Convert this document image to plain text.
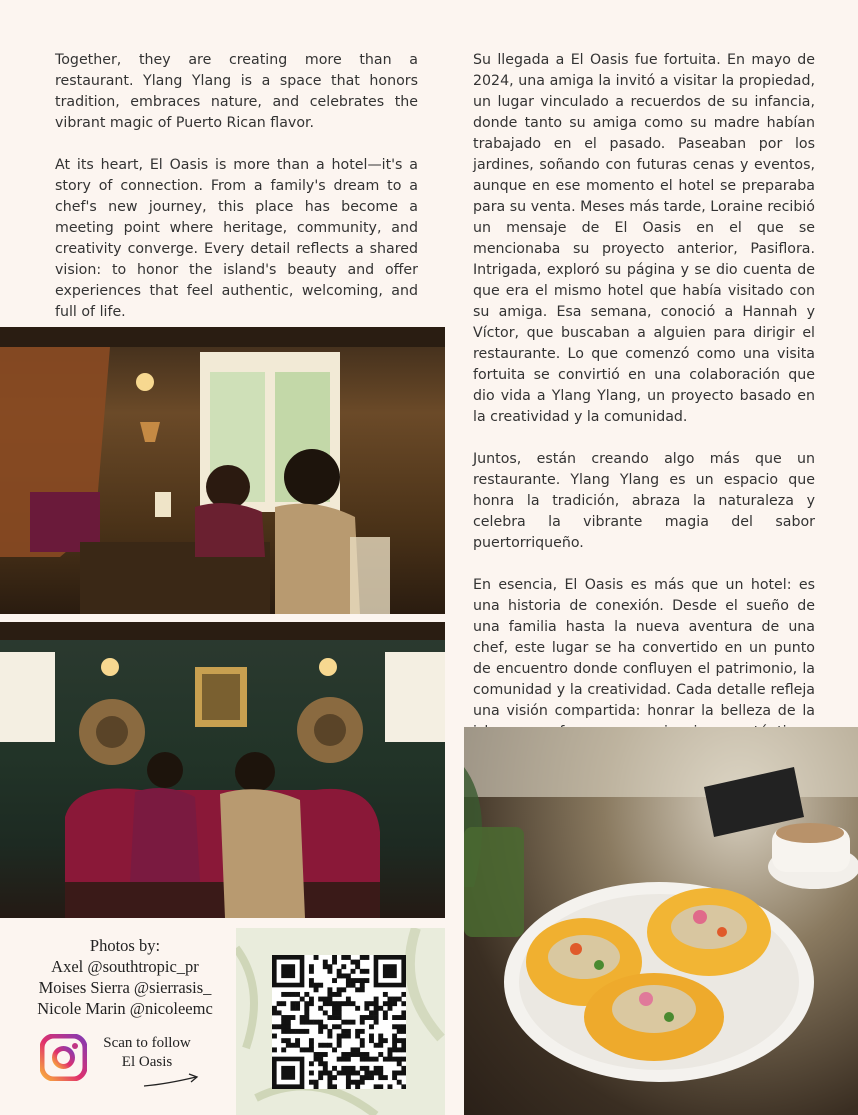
Together, they are creating more than a restaurant. Ylang Ylang is a space that honors tradition, embraces nature, and celebrates the vibrant magic of Puerto Rican flavor.

At its heart, El Oasis is more than a hotel—it's a story of connection. From a family's dream to a chef's new journey, this place has become a meeting point where heritage, community, and creativity converge. Every detail reflects a shared vision: to honor the island's beauty and offer experiences that feel authentic, welcoming, and full of life.

Su llegada a El Oasis fue fortuita. En mayo de 2024, una amiga la invitó a visitar la propiedad, un lugar vinculado a recuerdos de su infancia, donde tanto su amiga como su madre habían trabajado en el pasado. Paseaban por los jardines, soñando con futuras cenas y eventos, aunque en ese momento el hotel se preparaba para su venta. Meses más tarde, Loraine recibió un mensaje de El Oasis en el que se mencionaba su proyecto anterior, Pasiflora. Intrigada, exploró su página y se dio cuenta de que era el mismo hotel que había visitado con su amiga. Esa semana, conoció a Hannah y Víctor, que buscaban a alguien para dirigir el restaurante. Lo que comenzó como una visita fortuita se convirtió en una colaboración que dio vida a Ylang Ylang, un proyecto basado en la creatividad y la comunidad.

Juntos, están creando algo más que un restaurante. Ylang Ylang es un espacio que honra la tradición, abraza la naturaleza y celebra la vibrante magia del sabor puertorriqueño.

En esencia, El Oasis es más que un hotel: es una historia de conexión. Desde el sueño de una familia hasta la nueva aventura de una chef, este lugar se ha convertido en un punto de encuentro donde confluyen el patrimonio, la comunidad y la creatividad. Cada detalle refleja una visión compartida: honrar la belleza de la

Photos by:
Axel @southtropic_pr
Moises Sierra @sierrasis_
Nicole Marin @nicoleemc
Scan to follow
El Oasis
